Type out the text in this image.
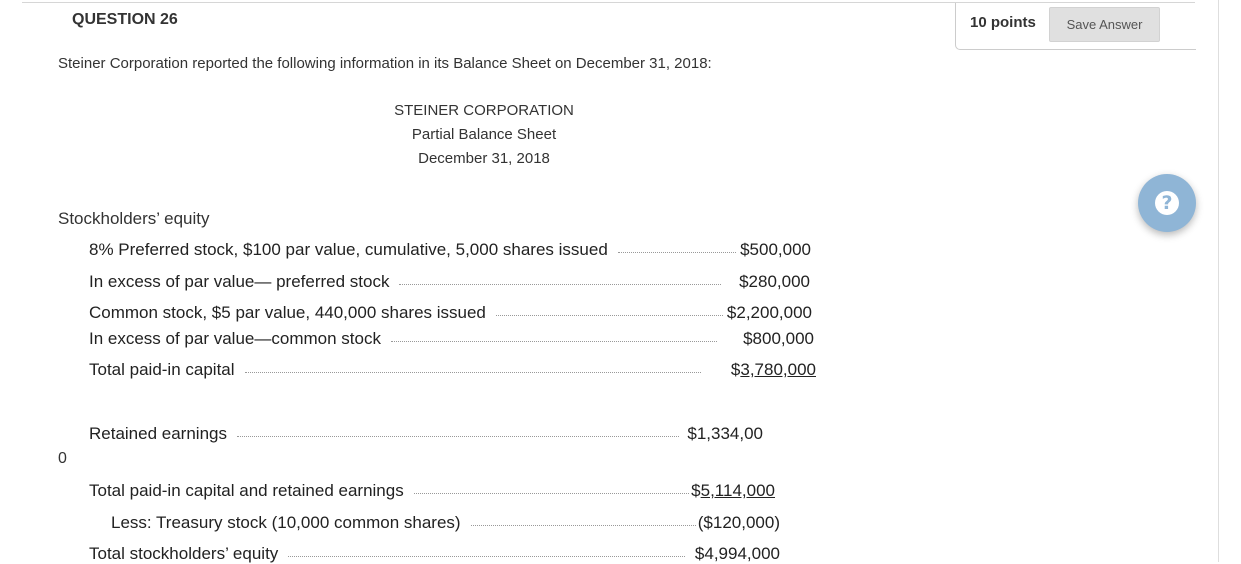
QUESTION 26	10 points	Save Answer
?
Steiner Corporation reported the following information in its Balance Sheet on December 31, 2018:
STEINER CORPORATION
Partial Balance Sheet
December 31, 2018
Stockholders’ equity
8% Preferred stock, $100 par value, cumulative, 5,000 shares issued	$500,000
In excess of par value— preferred stock	$280,000
Common stock, $5 par value, 440,000 shares issued	$2,200,000
In excess of par value—common stock	$800,000
Total paid-in capital	$3,780,000
Retained earnings	$1,334,00
0
Total paid-in capital and retained earnings	$5,114,000
Less: Treasury stock (10,000 common shares)	($120,000)
Total stockholders’ equity	$4,994,000
